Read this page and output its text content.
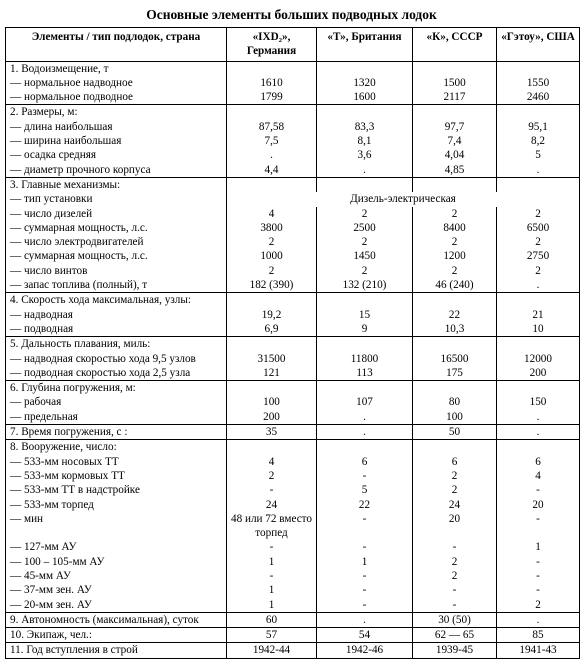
Основные элементы больших подводных лодок
Элементы / тип подлодок, страна	«IXD₂», Германия	«Т», Британия	«К», СССР	«Гэтоу», США
1. Водоизмещение, т				
— нормальное надводное	1610	1320	1500	1550
— нормальное подводное	1799	1600	2117	2460
2. Размеры, м:				
— длина наибольшая	87,58	83,3	97,7	95,1
— ширина наибольшая	7,5	8,1	7,4	8,2
— осадка средняя	.	3,6	4,04	5
— диаметр прочного корпуса	4,4	.	4,85	.
3. Главные механизмы:				
— тип установки	Дизель-электрическая			
— число дизелей	4	2	2	2
— суммарная мощность, л.с.	3800	2500	8400	6500
— число электродвигателей	2	2	2	2
— суммарная мощность, л.с.	1000	1450	1200	2750
— число винтов	2	2	2	2
— запас топлива (полный), т	182 (390)	132 (210)	46 (240)	.
4. Скорость хода максимальная, узлы:				
— надводная	19,2	15	22	21
— подводная	6,9	9	10,3	10
5. Дальность плавания, миль:				
— надводная скоростью хода 9,5 узлов	31500	11800	16500	12000
— подводная скоростью хода 2,5 узла	121	113	175	200
6. Глубина погружения, м:				
— рабочая	100	107	80	150
— предельная	200	.	100	.
7. Время погружения, с :	35	.	50	.
8. Вооружение, число:				
— 533-мм носовых ТТ	4	6	6	6
— 533-мм кормовых ТТ	2	-	2	4
— 533-мм ТТ в надстройке	-	5	2	-
— 533-мм торпед	24	22	24	20
— мин	48 или 72 вместо торпед	-	20	-
— 127-мм АУ	-	-	-	1
— 100 – 105-мм АУ	1	1	2	-
— 45-мм АУ	-	-	2	-
— 37-мм зен. АУ	1	-	-	-
— 20-мм зен. АУ	1	-	-	2
9. Автономность (максимальная), суток	60	.	30 (50)	.
10. Экипаж, чел.:	57	54	62 — 65	85
11. Год вступления в строй	1942-44	1942-46	1939-45	1941-43
